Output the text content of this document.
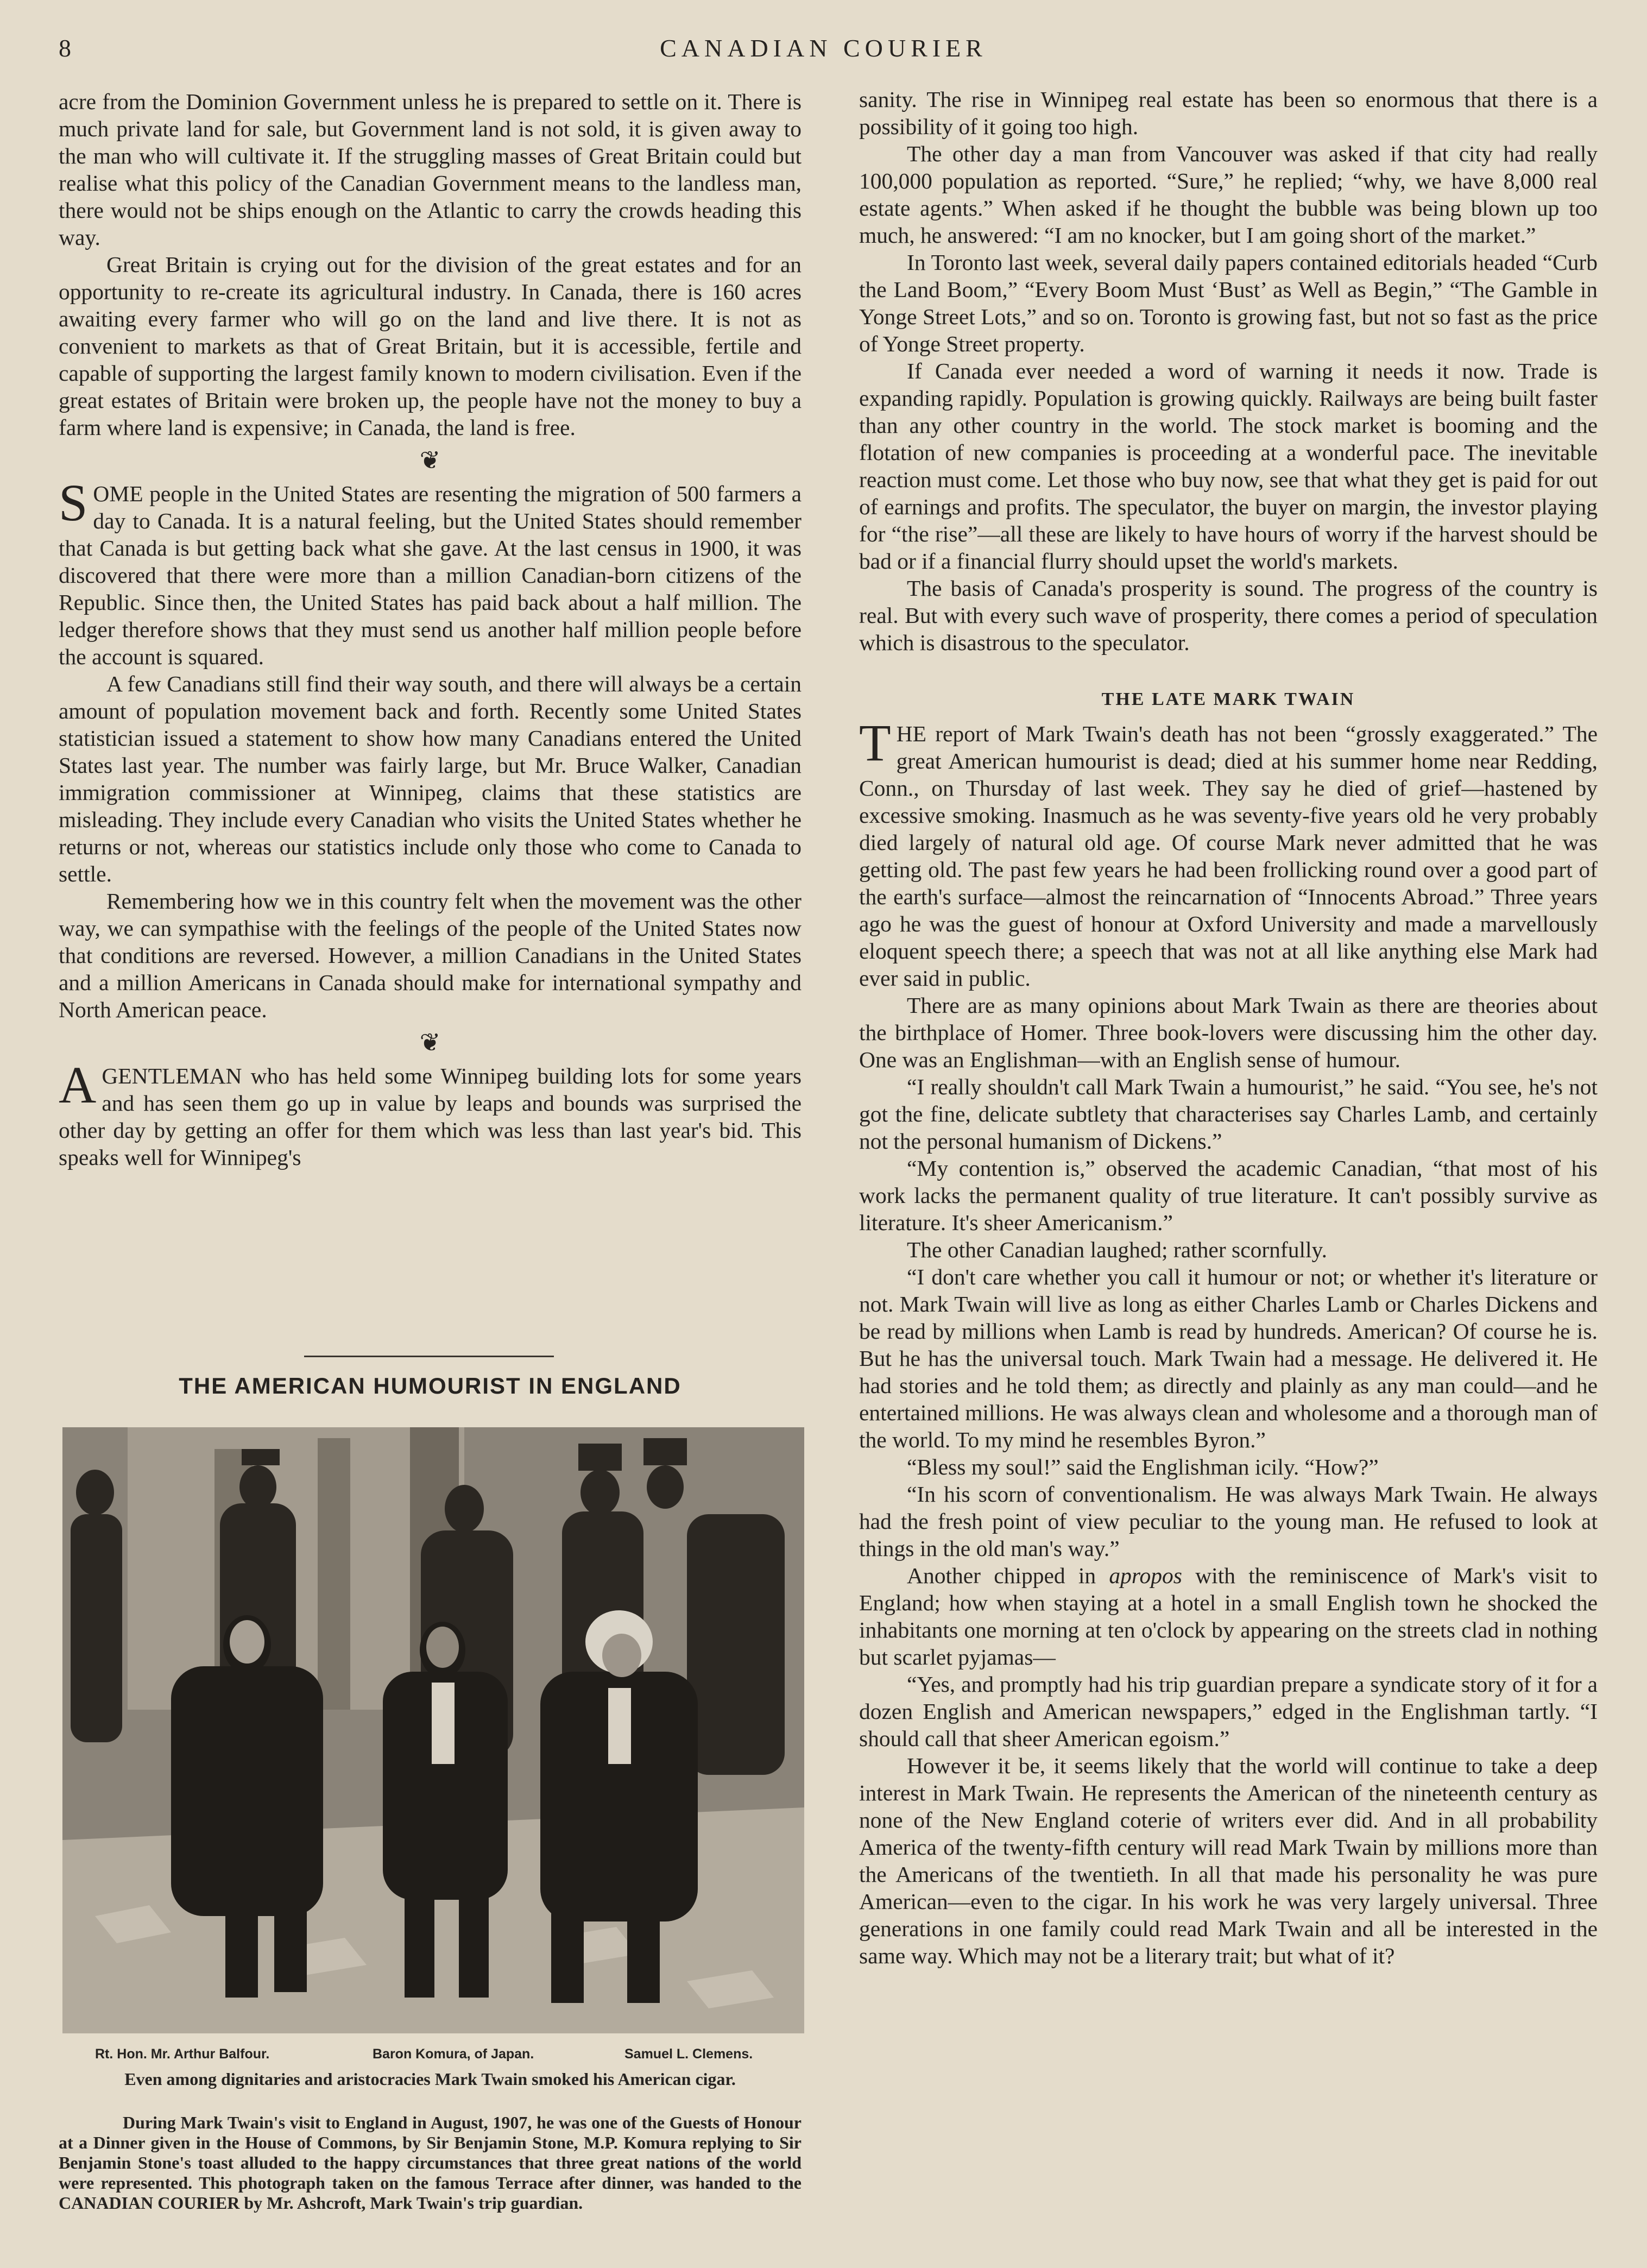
8	CANADIAN COURIER

acre from the Dominion Government unless he is prepared to settle on it. There is much private land for sale, but Government land is not sold, it is given away to the man who will cultivate it. If the struggling masses of Great Britain could but realise what this policy of the Canadian Government means to the landless man, there would not be ships enough on the Atlantic to carry the crowds heading this way.

Great Britain is crying out for the division of the great estates and for an opportunity to re-create its agricultural industry. In Canada, there is 160 acres awaiting every farmer who will go on the land and live there. It is not as convenient to markets as that of Great Britain, but it is accessible, fertile and capable of supporting the largest family known to modern civilisation. Even if the great estates of Britain were broken up, the people have not the money to buy a farm where land is expensive; in Canada, the land is free.

❦

SOME people in the United States are resenting the migration of 500 farmers a day to Canada. It is a natural feeling, but the United States should remember that Canada is but getting back what she gave. At the last census in 1900, it was discovered that there were more than a million Canadian-born citizens of the Republic. Since then, the United States has paid back about a half million. The ledger therefore shows that they must send us another half million people before the account is squared.

A few Canadians still find their way south, and there will always be a certain amount of population movement back and forth. Recently some United States statistician issued a statement to show how many Canadians entered the United States last year. The number was fairly large, but Mr. Bruce Walker, Canadian immigration commissioner at Winnipeg, claims that these statistics are misleading. They include every Canadian who visits the United States whether he returns or not, whereas our statistics include only those who come to Canada to settle.

Remembering how we in this country felt when the movement was the other way, we can sympathise with the feelings of the people of the United States now that conditions are reversed. However, a million Canadians in the United States and a million Americans in Canada should make for international sympathy and North American peace.

❦

AGENTLEMAN who has held some Winnipeg building lots for some years and has seen them go up in value by leaps and bounds was surprised the other day by getting an offer for them which was less than last year's bid. This speaks well for Winnipeg's

THE AMERICAN HUMOURIST IN ENGLAND
Rt. Hon. Mr. Arthur Balfour.	Baron Komura, of Japan.	Samuel L. Clemens.
Even among dignitaries and aristocracies Mark Twain smoked his American cigar.

During Mark Twain's visit to England in August, 1907, he was one of the Guests of Honour at a Dinner given in the House of Commons, by Sir Benjamin Stone, M.P. Komura replying to Sir Benjamin Stone's toast alluded to the happy circumstances that three great nations of the world were represented. This photograph taken on the famous Terrace after dinner, was handed to the CANADIAN COURIER by Mr. Ashcroft, Mark Twain's trip guardian.

sanity. The rise in Winnipeg real estate has been so enormous that there is a possibility of it going too high.

The other day a man from Vancouver was asked if that city had really 100,000 population as reported. “Sure,” he replied; “why, we have 8,000 real estate agents.” When asked if he thought the bubble was being blown up too much, he answered: “I am no knocker, but I am going short of the market.”

In Toronto last week, several daily papers contained editorials headed “Curb the Land Boom,” “Every Boom Must ‘Bust’ as Well as Begin,” “The Gamble in Yonge Street Lots,” and so on. Toronto is growing fast, but not so fast as the price of Yonge Street property.

If Canada ever needed a word of warning it needs it now. Trade is expanding rapidly. Population is growing quickly. Railways are being built faster than any other country in the world. The stock market is booming and the flotation of new companies is proceeding at a wonderful pace. The inevitable reaction must come. Let those who buy now, see that what they get is paid for out of earnings and profits. The speculator, the buyer on margin, the investor playing for “the rise”—all these are likely to have hours of worry if the harvest should be bad or if a financial flurry should upset the world's markets.

The basis of Canada's prosperity is sound. The progress of the country is real. But with every such wave of prosperity, there comes a period of speculation which is disastrous to the speculator.

THE LATE MARK TWAIN

THE report of Mark Twain's death has not been “grossly exaggerated.” The great American humourist is dead; died at his summer home near Redding, Conn., on Thursday of last week. They say he died of grief—hastened by excessive smoking. Inasmuch as he was seventy-five years old he very probably died largely of natural old age. Of course Mark never admitted that he was getting old. The past few years he had been frollicking round over a good part of the earth's surface—almost the reincarnation of “Innocents Abroad.” Three years ago he was the guest of honour at Oxford University and made a marvellously eloquent speech there; a speech that was not at all like anything else Mark had ever said in public.

There are as many opinions about Mark Twain as there are theories about the birthplace of Homer. Three book-lovers were discussing him the other day. One was an Englishman—with an English sense of humour.

“I really shouldn't call Mark Twain a humourist,” he said. “You see, he's not got the fine, delicate subtlety that characterises say Charles Lamb, and certainly not the personal humanism of Dickens.”

“My contention is,” observed the academic Canadian, “that most of his work lacks the permanent quality of true literature. It can't possibly survive as literature. It's sheer Americanism.”

The other Canadian laughed; rather scornfully.

“I don't care whether you call it humour or not; or whether it's literature or not. Mark Twain will live as long as either Charles Lamb or Charles Dickens and be read by millions when Lamb is read by hundreds. American? Of course he is. But he has the universal touch. Mark Twain had a message. He delivered it. He had stories and he told them; as directly and plainly as any man could—and he entertained millions. He was always clean and wholesome and a thorough man of the world. To my mind he resembles Byron.”

“Bless my soul!” said the Englishman icily. “How?”

“In his scorn of conventionalism. He was always Mark Twain. He always had the fresh point of view peculiar to the young man. He refused to look at things in the old man's way.”

Another chipped in apropos with the reminiscence of Mark's visit to England; how when staying at a hotel in a small English town he shocked the inhabitants one morning at ten o'clock by appearing on the streets clad in nothing but scarlet pyjamas—

“Yes, and promptly had his trip guardian prepare a syndicate story of it for a dozen English and American newspapers,” edged in the Englishman tartly. “I should call that sheer American egoism.”

However it be, it seems likely that the world will continue to take a deep interest in Mark Twain. He represents the American of the nineteenth century as none of the New England coterie of writers ever did. And in all probability America of the twenty-fifth century will read Mark Twain by millions more than the Americans of the twentieth. In all that made his personality he was pure American—even to the cigar. In his work he was very largely universal. Three generations in one family could read Mark Twain and all be interested in the same way. Which may not be a literary trait; but what of it?
